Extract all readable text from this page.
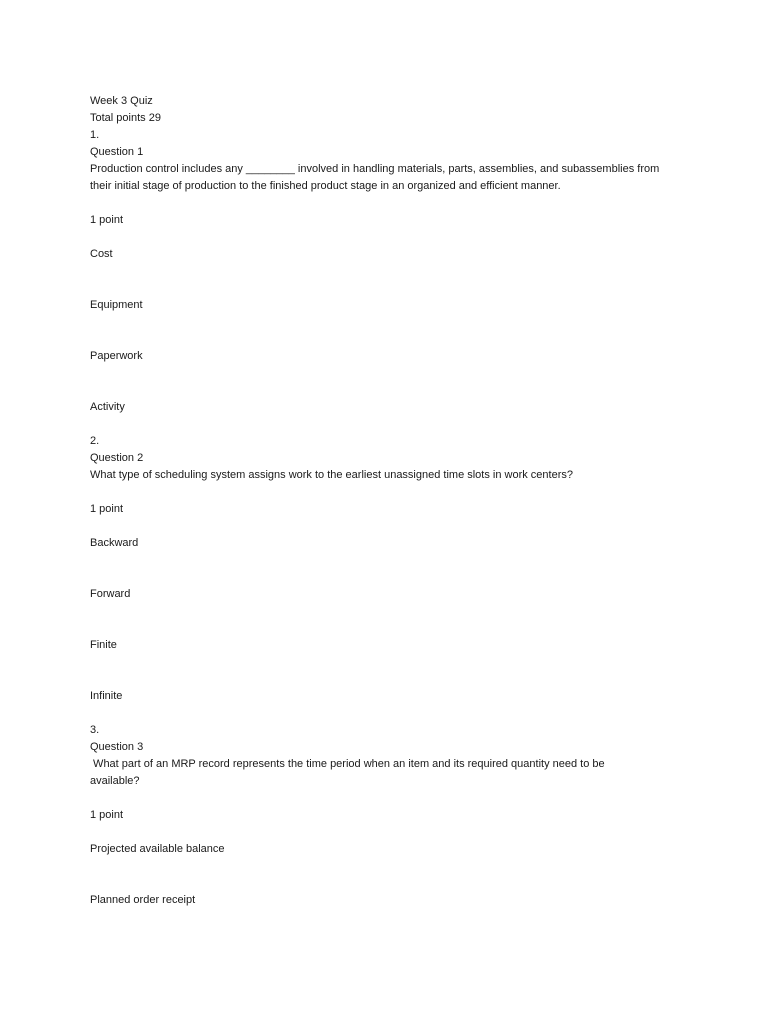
Week 3 Quiz
Total points 29
1.
Question 1
Production control includes any ________ involved in handling materials, parts, assemblies, and subassemblies from
their initial stage of production to the finished product stage in an organized and efficient manner.
1 point
Cost
Equipment
Paperwork
Activity
2.
Question 2
What type of scheduling system assigns work to the earliest unassigned time slots in work centers?
1 point
Backward
Forward
Finite
Infinite
3.
Question 3
What part of an MRP record represents the time period when an item and its required quantity need to be
available?
1 point
Projected available balance
Planned order receipt
